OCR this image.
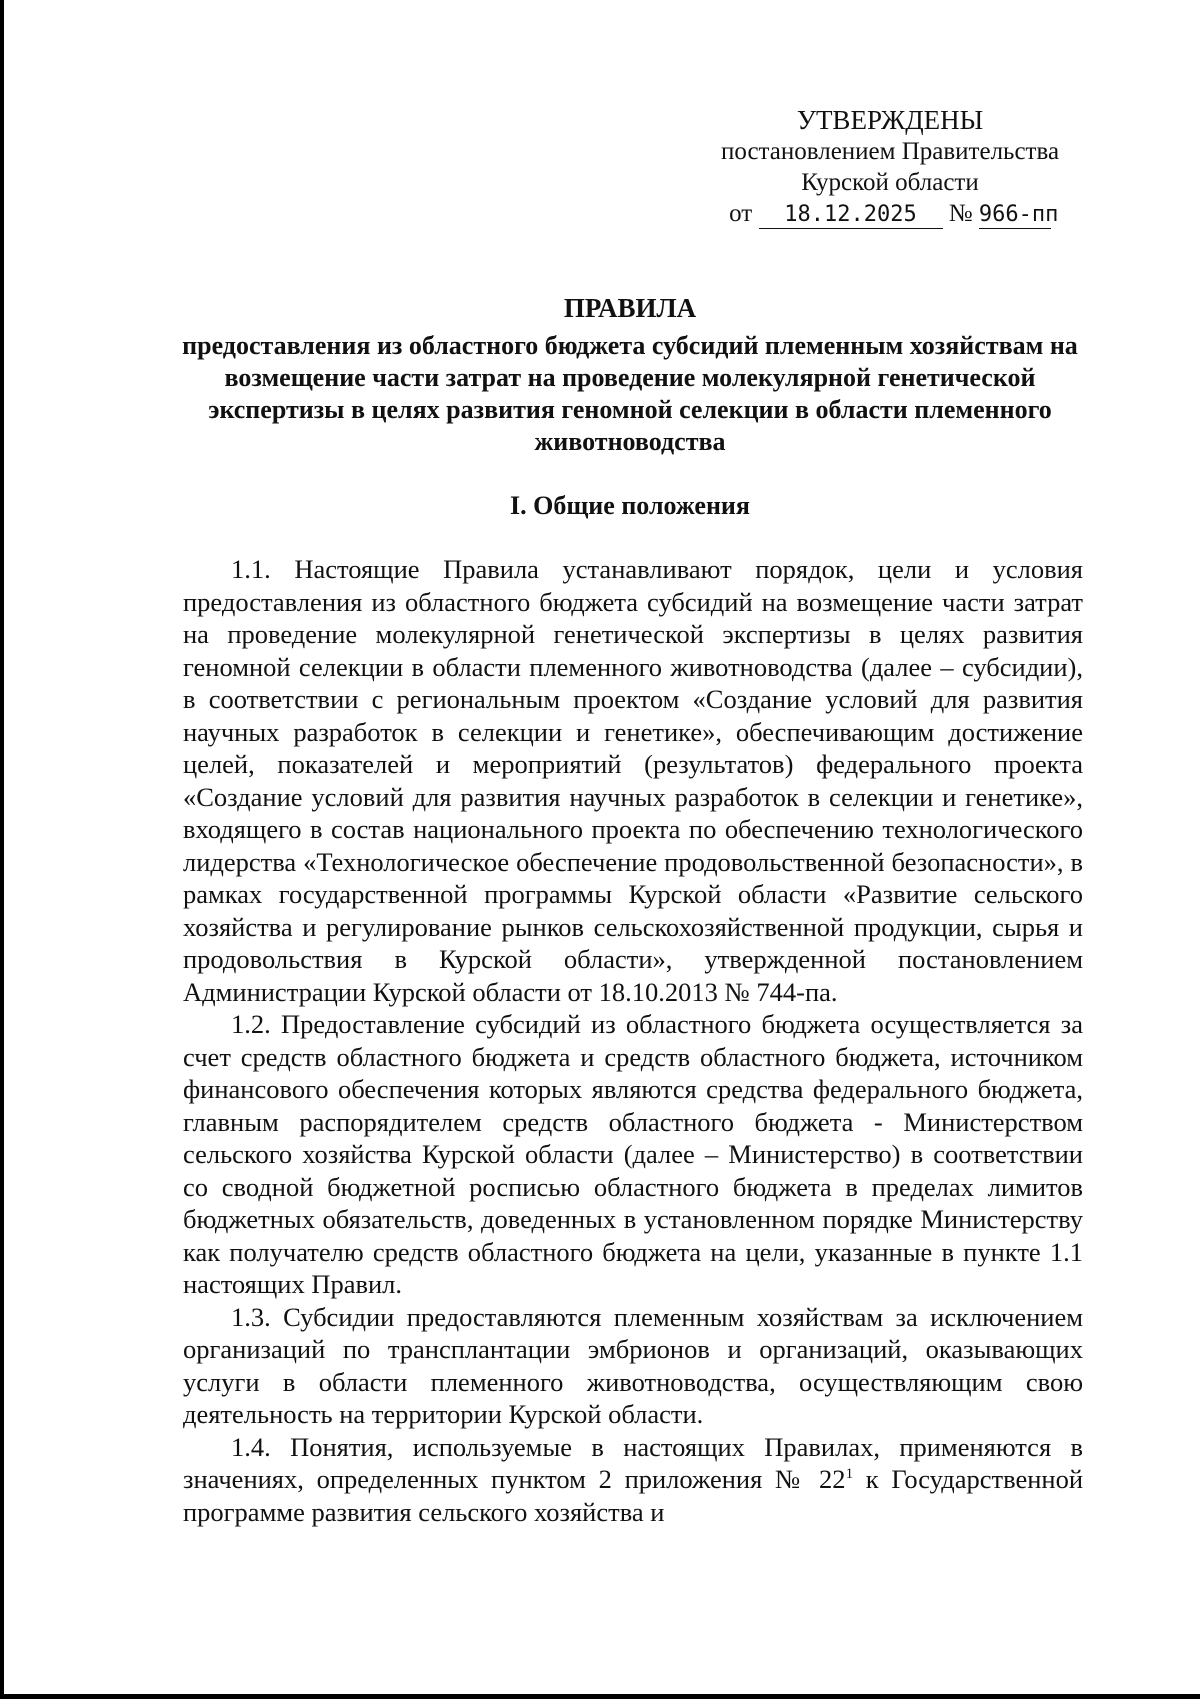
УТВЕРЖДЕНЫ
постановлением Правительства
Курской области
от 18.12.2025 № 966-пп
ПРАВИЛА
предоставления из областного бюджета субсидий племенным хозяйствам на возмещение части затрат на проведение молекулярной генетической экспертизы в целях развития геномной селекции в области племенного животноводства
I. Общие положения

1.1. Настоящие Правила устанавливают порядок, цели и условия предоставления из областного бюджета субсидий на возмещение части затрат на проведение молекулярной генетической экспертизы в целях развития геномной селекции в области племенного животноводства (далее – субсидии), в соответствии с региональным проектом «Создание условий для развития научных разработок в селекции и генетике», обеспечивающим достижение целей, показателей и мероприятий (результатов) федерального проекта «Создание условий для развития научных разработок в селекции и генетике», входящего в состав национального проекта по обеспечению технологического лидерства «Технологическое обеспечение продовольственной безопасности», в рамках государственной программы Курской области «Развитие сельского хозяйства и регулирование рынков сельскохозяйственной продукции, сырья и продовольствия в Курской области», утвержденной постановлением Администрации Курской области от 18.10.2013 № 744-па.

1.2. Предоставление субсидий из областного бюджета осуществляется за счет средств областного бюджета и средств областного бюджета, источником финансового обеспечения которых являются средства федерального бюджета, главным распорядителем средств областного бюджета - Министерством сельского хозяйства Курской области (далее – Министерство) в соответствии со сводной бюджетной росписью областного бюджета в пределах лимитов бюджетных обязательств, доведенных в установленном порядке Министерству как получателю средств областного бюджета на цели, указанные в пункте 1.1 настоящих Правил.

1.3. Субсидии предоставляются племенным хозяйствам за исключением организаций по трансплантации эмбрионов и организаций, оказывающих услуги в области племенного животноводства, осуществляющим свою деятельность на территории Курской области.

1.4. Понятия, используемые в настоящих Правилах, применяются в значениях, определенных пунктом 2 приложения № $22^1$ к Государственной программе развития сельского хозяйства и
